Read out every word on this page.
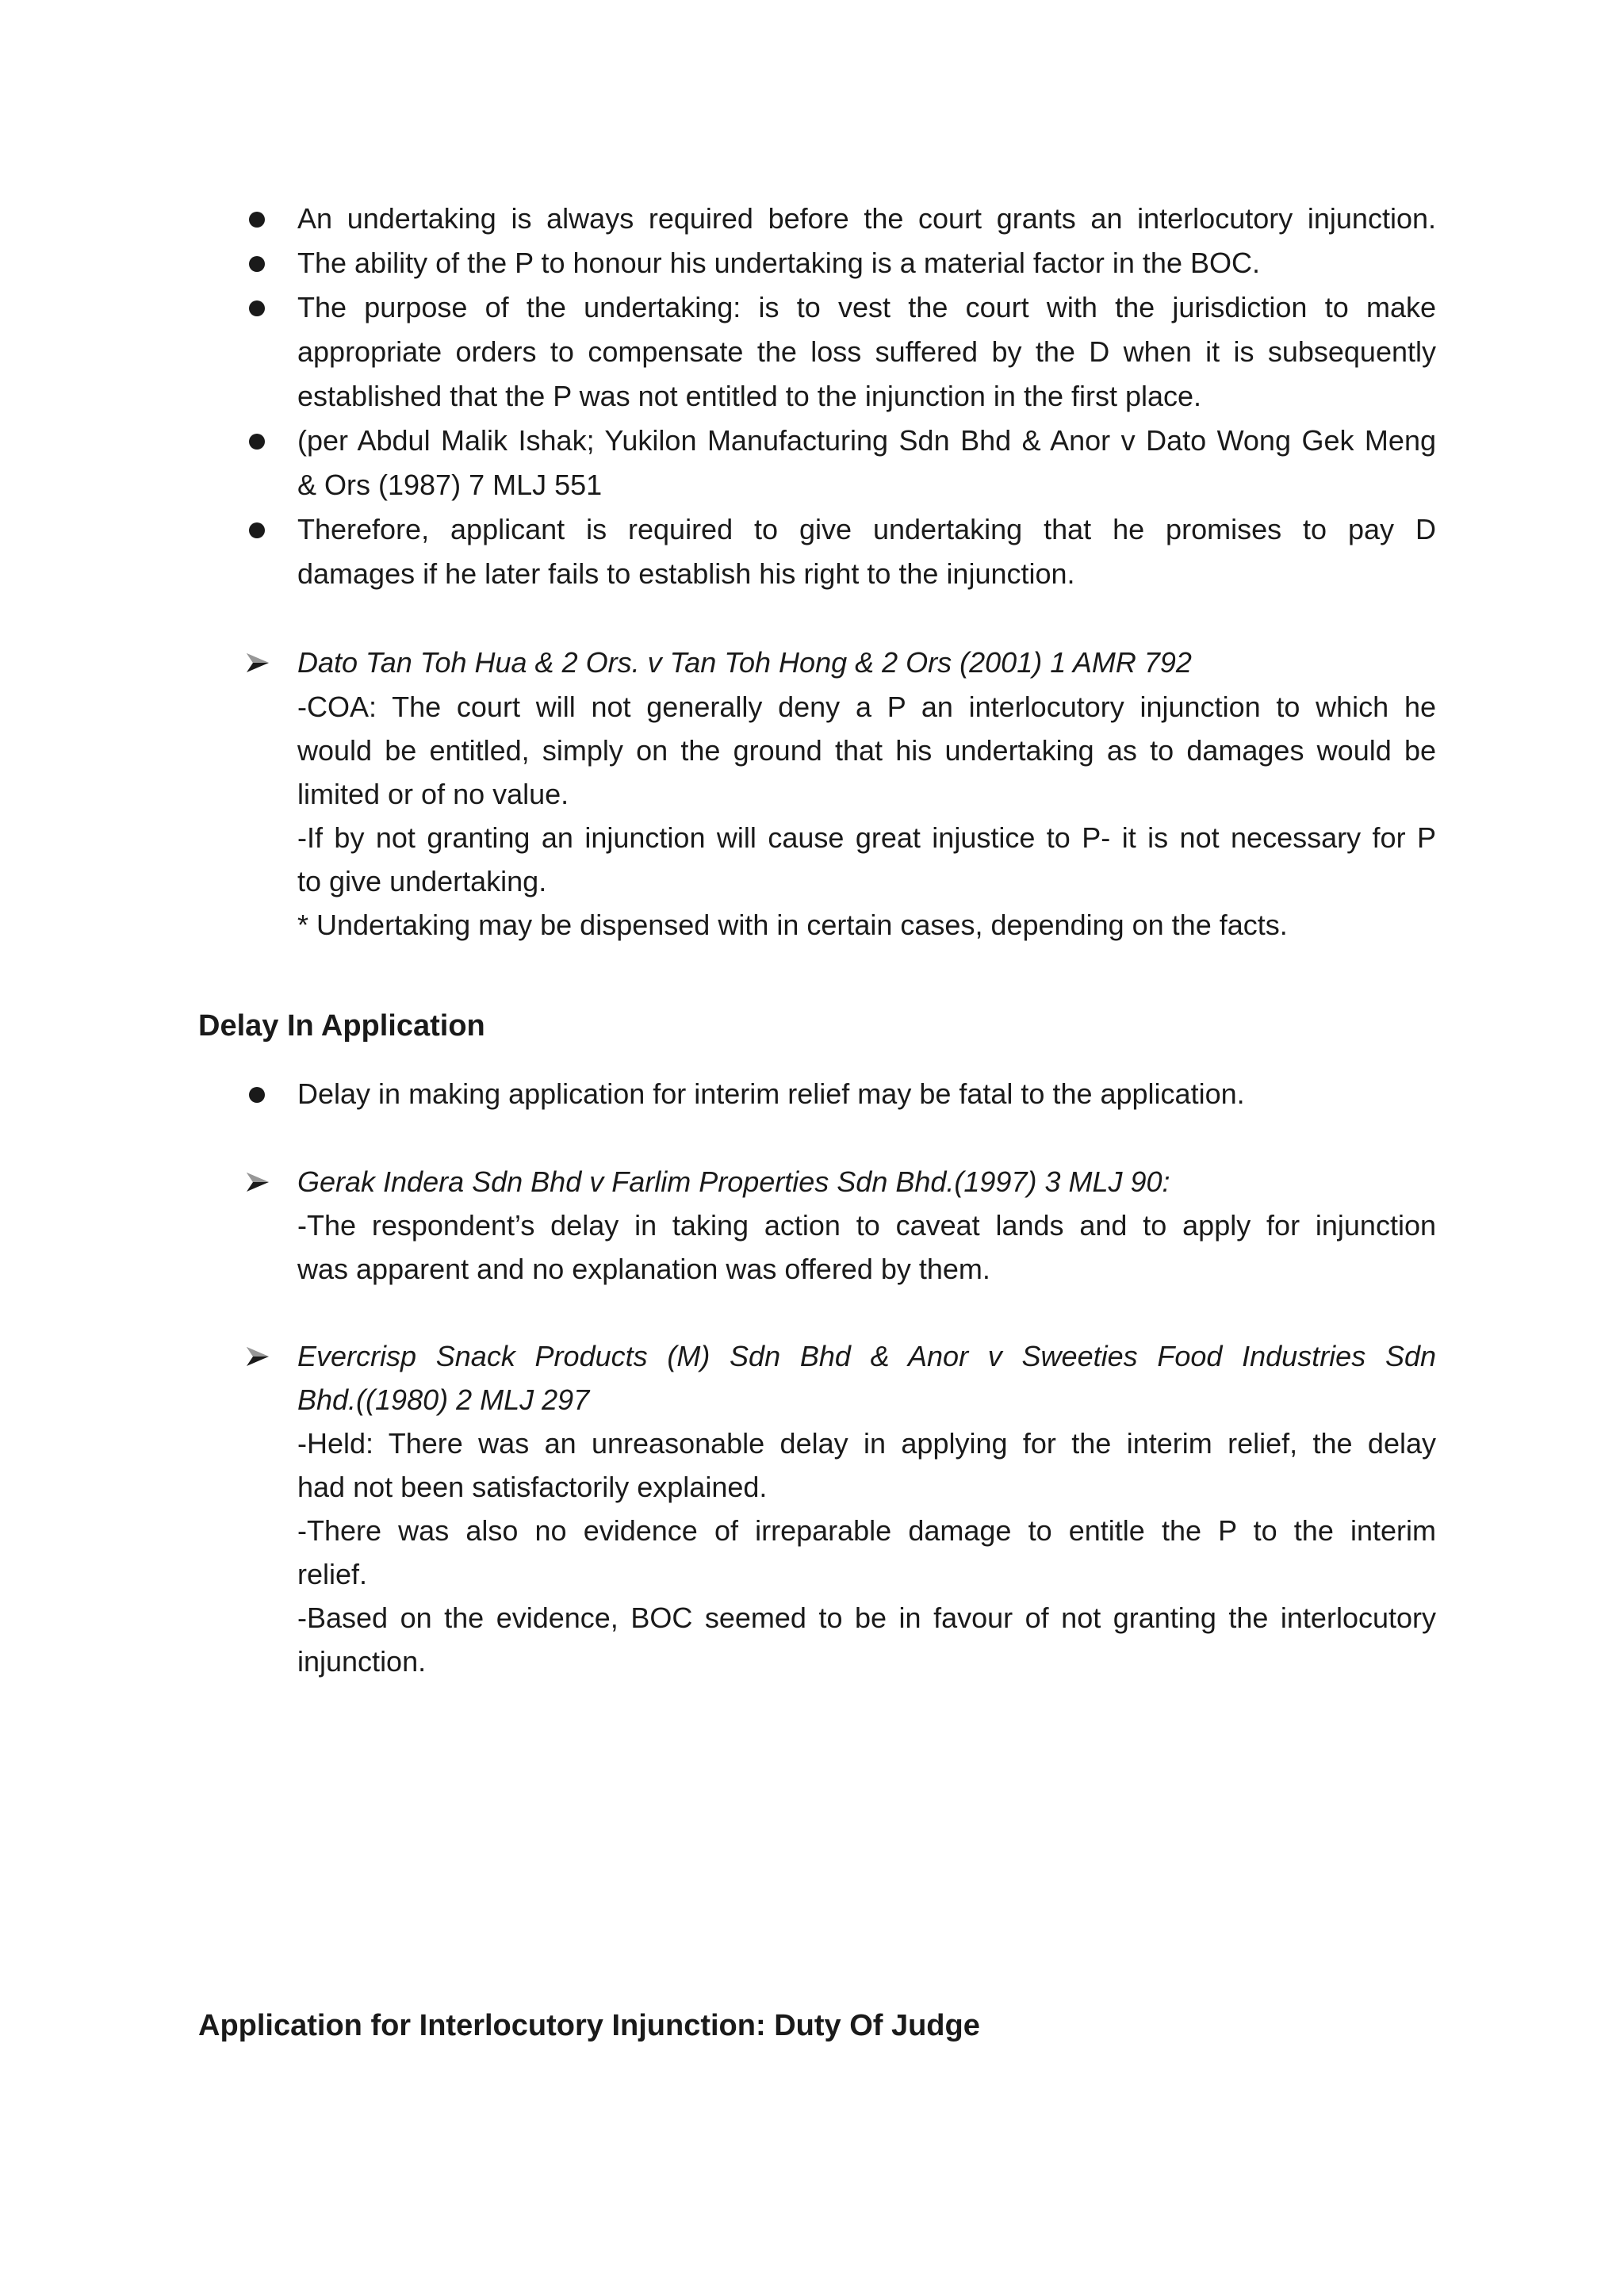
An undertaking is always required before the court grants an interlocutory injunction.
The ability of the P to honour his undertaking is a material factor in the BOC.
The purpose of the undertaking: is to vest the court with the jurisdiction to make
appropriate orders to compensate the loss suffered by the D when it is subsequently
established that the P was not entitled to the injunction in the first place.
(per Abdul Malik Ishak; Yukilon Manufacturing Sdn Bhd & Anor v Dato Wong Gek Meng
& Ors (1987) 7 MLJ 551
Therefore, applicant is required to give undertaking that he promises to pay D
damages if he later fails to establish his right to the injunction.
Dato Tan Toh Hua & 2 Ors. v Tan Toh Hong & 2 Ors (2001) 1 AMR 792
-COA: The court will not generally deny a P an interlocutory injunction to which he
would be entitled, simply on the ground that his undertaking as to damages would be
limited or of no value.
-If by not granting an injunction will cause great injustice to P- it is not necessary for P
to give undertaking.
* Undertaking may be dispensed with in certain cases, depending on the facts.
Delay In Application
Delay in making application for interim relief may be fatal to the application.
Gerak Indera Sdn Bhd v Farlim Properties Sdn Bhd.(1997) 3 MLJ 90:
-The respondent’s delay in taking action to caveat lands and to apply for injunction
was apparent and no explanation was offered by them.
Evercrisp Snack Products (M) Sdn Bhd & Anor v Sweeties Food Industries Sdn
Bhd.((1980) 2 MLJ 297
-Held: There was an unreasonable delay in applying for the interim relief, the delay
had not been satisfactorily explained.
-There was also no evidence of irreparable damage to entitle the P to the interim
relief.
-Based on the evidence, BOC seemed to be in favour of not granting the interlocutory
injunction.
Application for Interlocutory Injunction: Duty Of Judge
